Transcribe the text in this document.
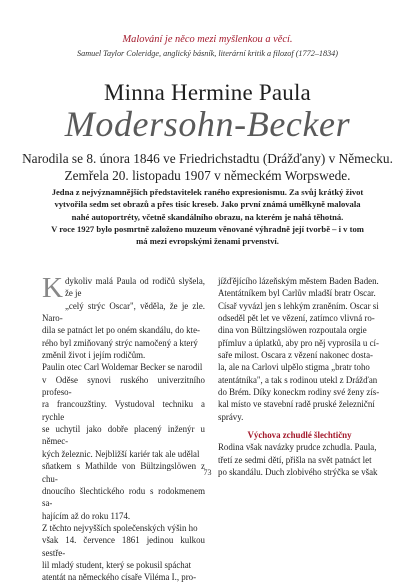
Malování je něco mezi myšlenkou a věcí.
Samuel Taylor Coleridge, anglický básník, literární kritik a filozof (1772–1834)
Minna Hermine Paula
Modersohn-Becker
Narodila se 8. února 1846 ve Friedrichstadtu (Drážďany) v Německu.
Zemřela 20. listopadu 1907 v německém Worpswede.
Jedna z nejvýznamnějších představitelek raného expresionismu. Za svůj krátký život
vytvořila sedm set obrazů a přes tisíc kreseb. Jako první známá umělkyně malovala
nahé autoportréty, včetně skandálního obrazu, na kterém je nahá těhotná.
V roce 1927 bylo posmrtně založeno muzeum věnované výhradně její tvorbě – i v tom
má mezi evropskými ženami prvenství.
K dykoliv malá Paula od rodičů slyšela, že je
„celý strýc Oscar", věděla, že je zle. Naro-
dila se patnáct let po oném skandálu, do kte-
rého byl zmiňovaný strýc namočený a který
změnil život i jejím rodičům.
Paulin otec Carl Woldemar Becker se narodil
v Oděse synovi ruského univerzitního profeso-
ra francouzštiny. Vystudoval techniku a rychle
se uchytil jako dobře placený inženýr u němec-
kých železnic. Nejbližší kariér tak ale udělal
sňatkem s Mathilde von Bültzingslöwen z chu-
dnoucího šlechtického rodu s rodokmenem sa-
hajícím až do roku 1174.
Z těchto nejvyšších společenských výšin ho
však 14. července 1861 jedinou kulkou sestře-
lil mladý student, který se pokusil spáchat
atentát na německého císaře Viléma I., pro-
jížďějícího lázeňským městem Baden Baden.
Atentátníkem byl Carlův mladší bratr Oscar.
Císař vyvázl jen s lehkým zraněním. Oscar si
odseděl pět let ve vězení, zatímco vlivná ro-
dina von Bültzingslöwen rozpoutala orgie
přímluv a úplatků, aby pro něj vyprosila u cí-
saře milost. Oscara z vězení nakonec dosta-
la, ale na Carlovi ulpělo stigma „bratr toho
atentátníka", a tak s rodinou utekl z Drážďan
do Brém. Díky koneckm rodiny své ženy zís-
kal místo ve stavební radě pruské železniční
správy.
Výchova zchudlé šlechtičny
Rodina však navázky prudce zchudla. Paula,
třetí ze sedmi dětí, přišla na svět patnáct let
po skandálu. Duch zlobivého strýčka se však
73
